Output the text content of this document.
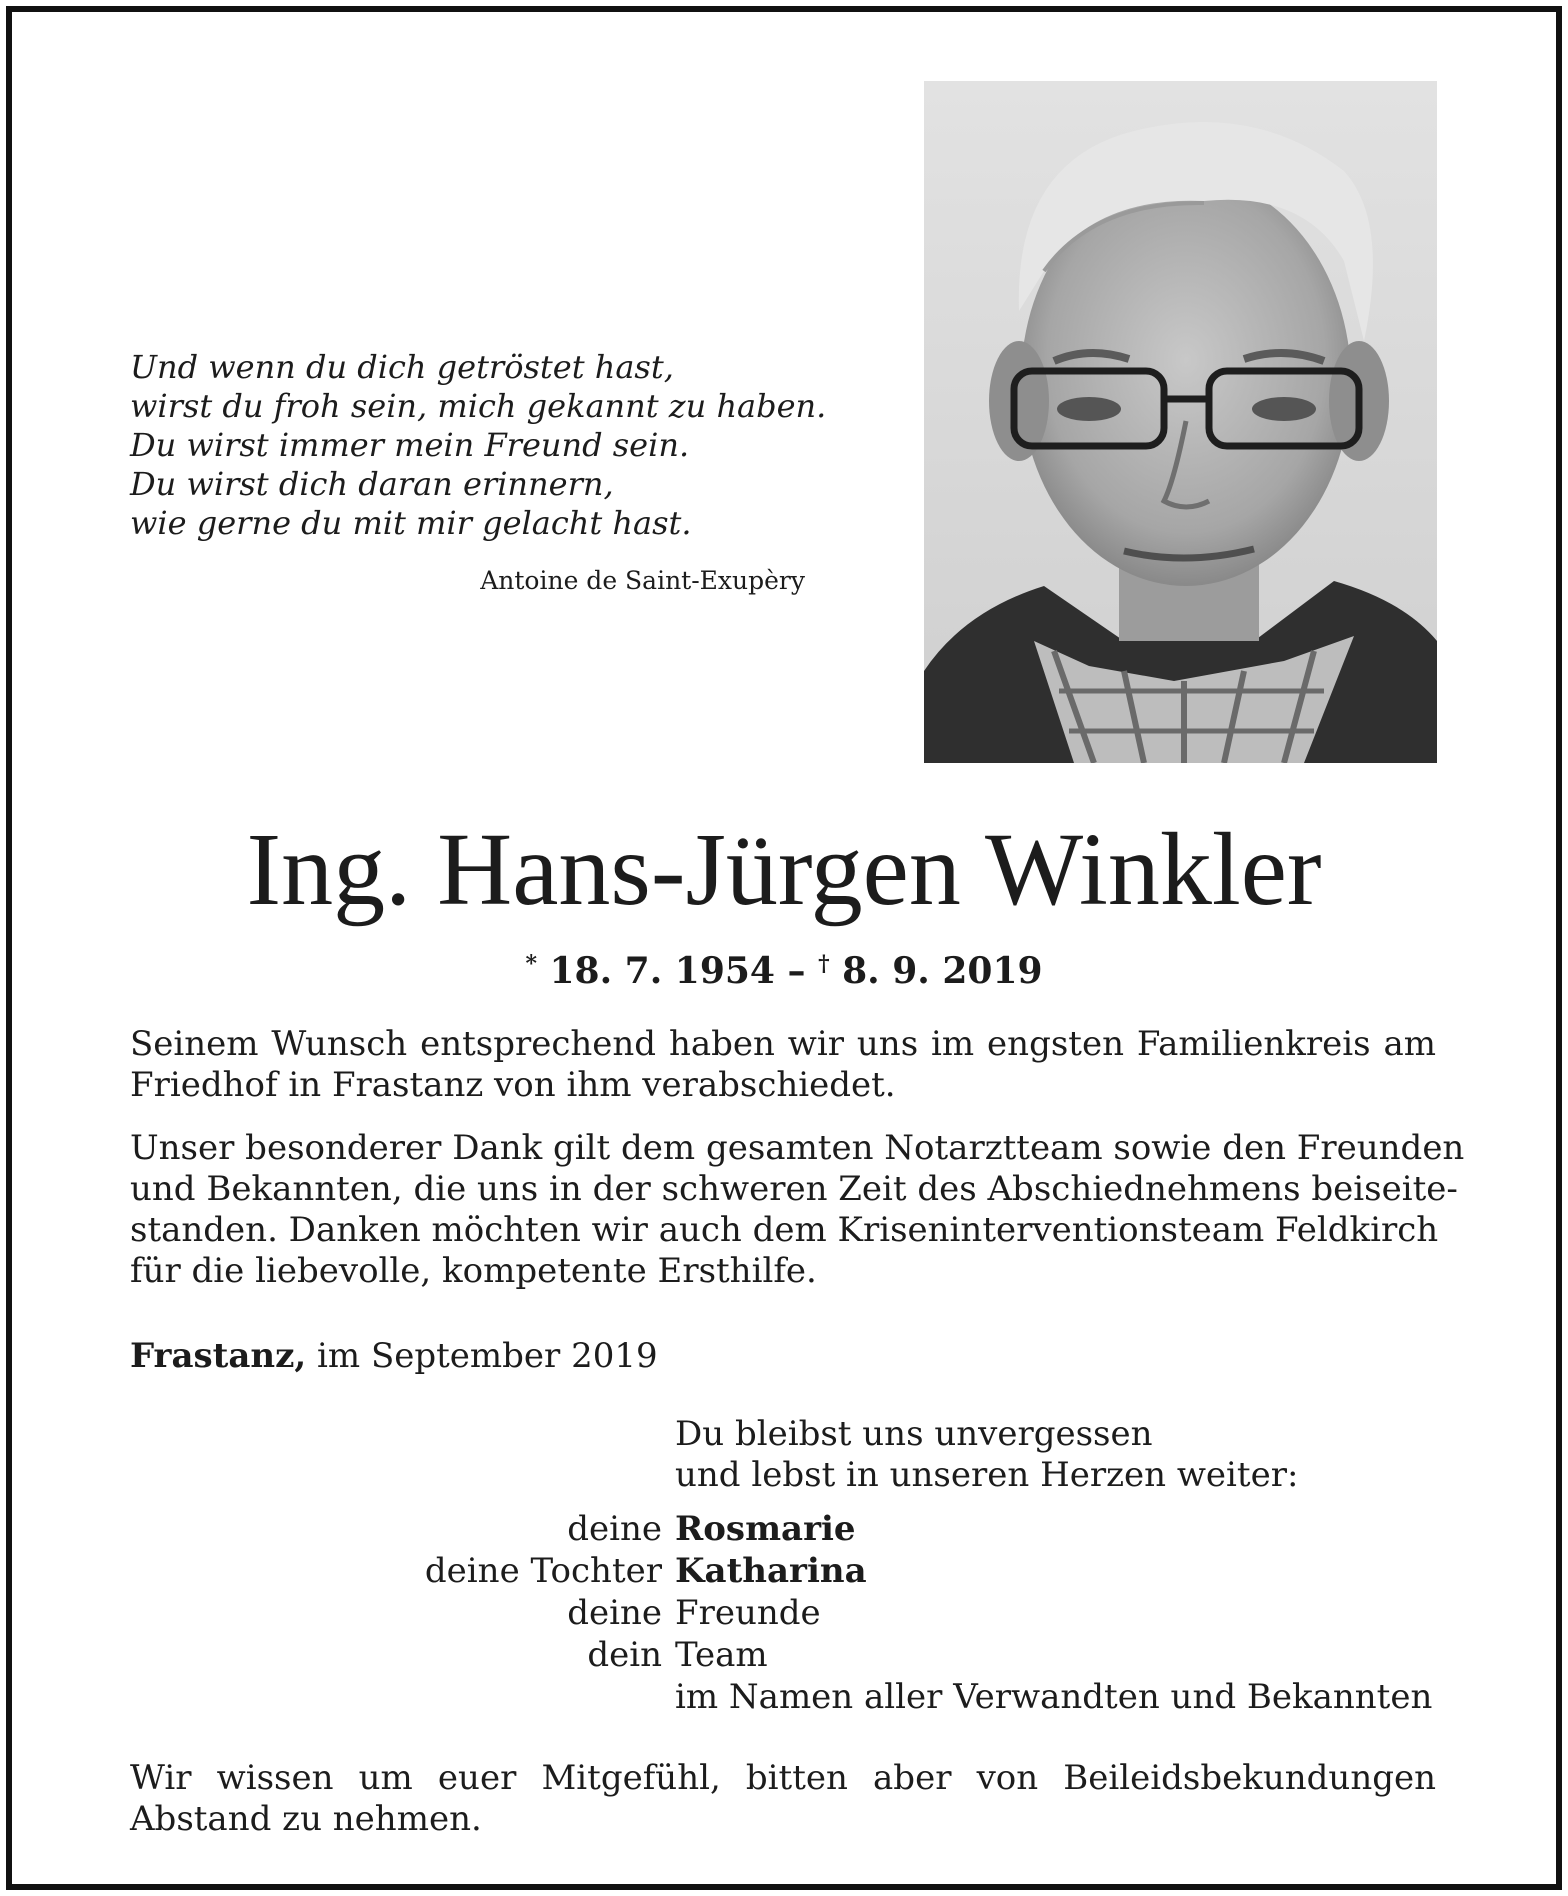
Und wenn du dich getröstet hast,
wirst du froh sein, mich gekannt zu haben.
Du wirst immer mein Freund sein.
Du wirst dich daran erinnern,
wie gerne du mit mir gelacht hast.
Antoine de Saint-Exupèry
Ing. Hans-Jürgen Winkler
* 18. 7. 1954 – † 8. 9. 2019
Seinem Wunsch entsprechend haben wir uns im engsten Familienkreis am
Friedhof in Frastanz von ihm verabschiedet.
Unser besonderer Dank gilt dem gesamten Notarztteam sowie den Freunden
und Bekannten, die uns in der schweren Zeit des Abschiednehmens beiseite-
standen. Danken möchten wir auch dem Kriseninterventionsteam Feldkirch
für die liebevolle, kompetente Ersthilfe.
Frastanz, im September 2019
Du bleibst uns unvergessen
und lebst in unseren Herzen weiter:
deine Rosmarie
deine Tochter Katharina
deine Freunde
dein Team
im Namen aller Verwandten und Bekannten
Wir wissen um euer Mitgefühl, bitten aber von Beileidsbekundungen
Abstand zu nehmen.
